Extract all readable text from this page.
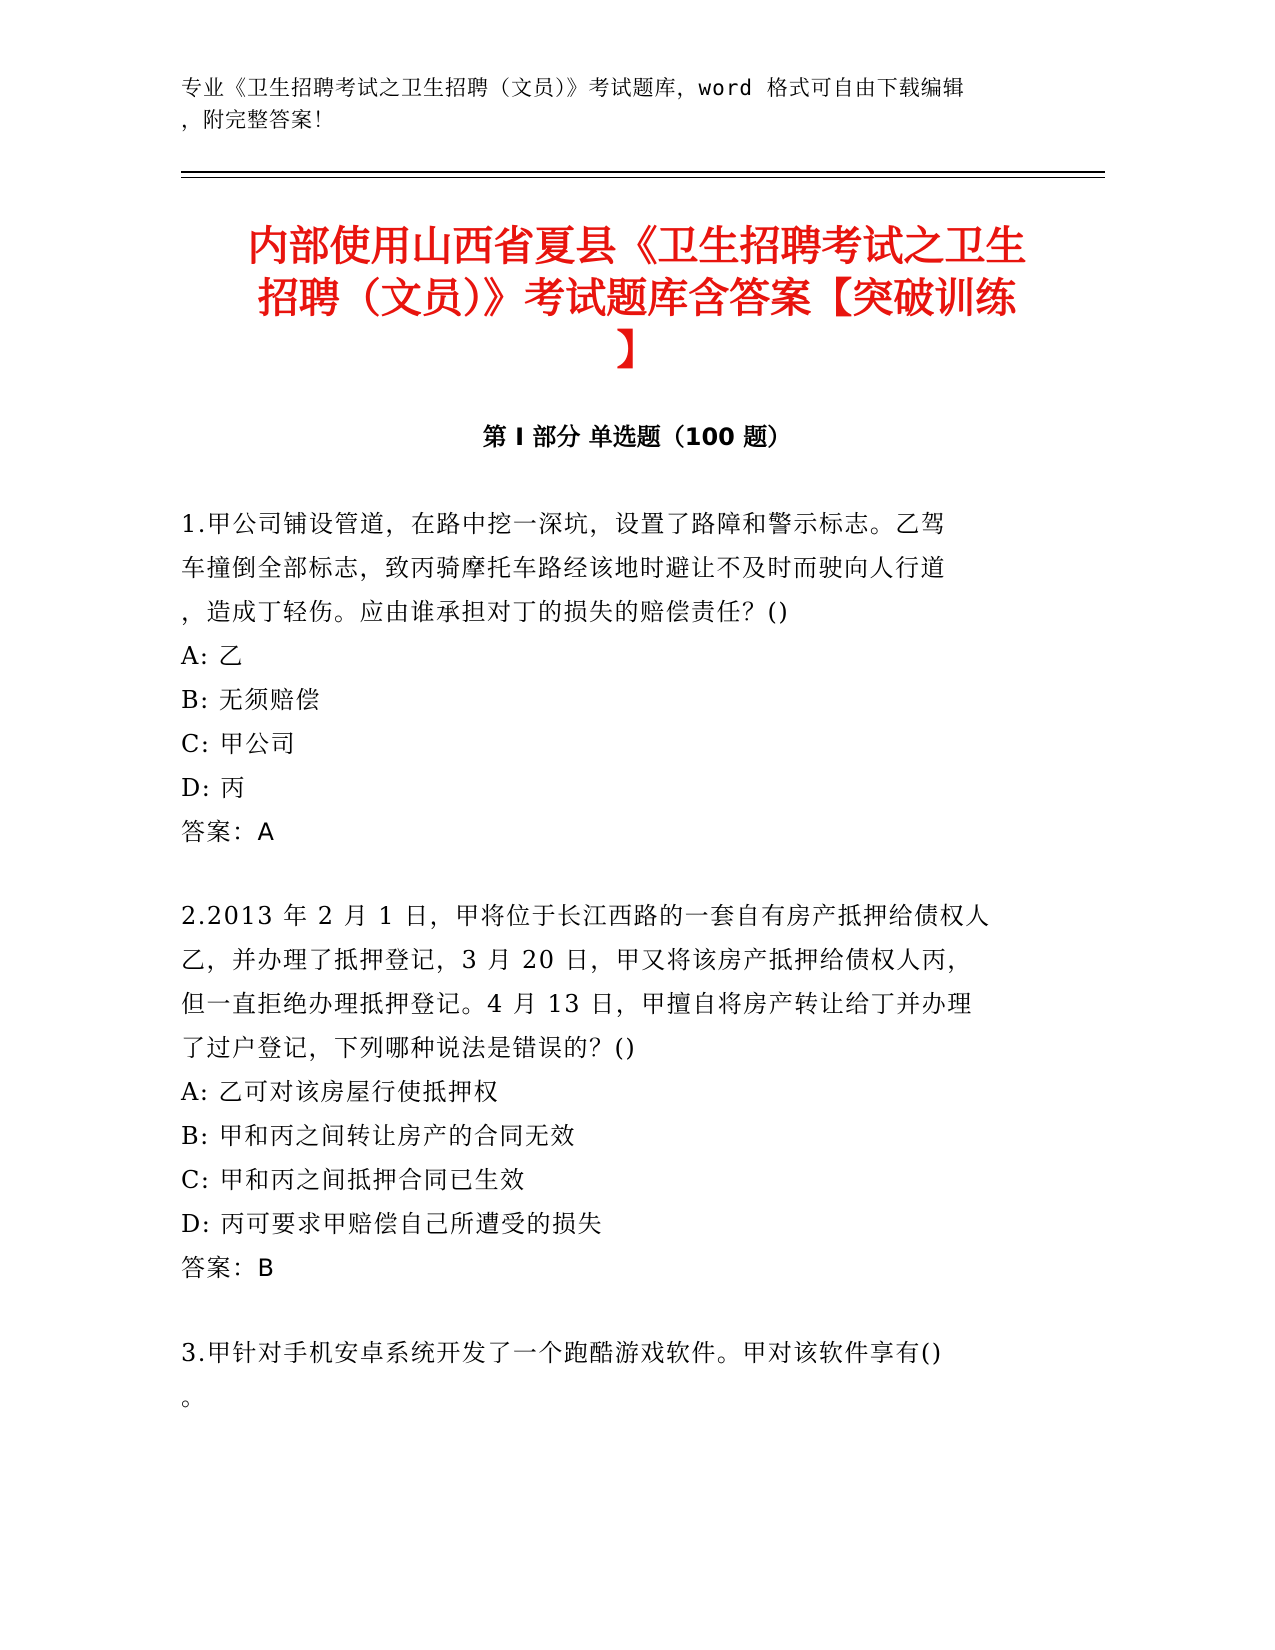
专业《卫生招聘考试之卫生招聘（文员）》考试题库，word 格式可自由下载编辑
，附完整答案！
内部使用山西省夏县《卫生招聘考试之卫生
招聘（文员）》考试题库含答案【突破训练
】
第 I 部分 单选题（100 题）

1.甲公司铺设管道，在路中挖一深坑，设置了路障和警示标志。乙驾

车撞倒全部标志，致丙骑摩托车路经该地时避让不及时而驶向人行道

，造成丁轻伤。应由谁承担对丁的损失的赔偿责任？()

A: 乙

B: 无须赔偿

C: 甲公司

D: 丙

答案：A

2.2013 年 2 月 1 日，甲将位于长江西路的一套自有房产抵押给债权人

乙，并办理了抵押登记，3 月 20 日，甲又将该房产抵押给债权人丙，

但一直拒绝办理抵押登记。4 月 13 日，甲擅自将房产转让给丁并办理

了过户登记，下列哪种说法是错误的？()

A: 乙可对该房屋行使抵押权

B: 甲和丙之间转让房产的合同无效

C: 甲和丙之间抵押合同已生效

D: 丙可要求甲赔偿自己所遭受的损失

答案：B

3.甲针对手机安卓系统开发了一个跑酷游戏软件。甲对该软件享有()

。
